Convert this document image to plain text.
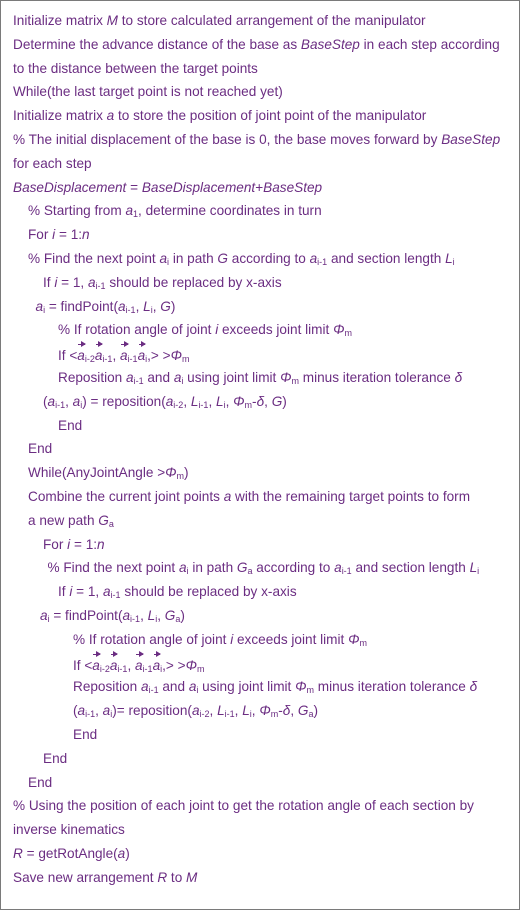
Initialize matrix M to store calculated arrangement of the manipulator
Determine the advance distance of the base as BaseStep in each step according
to the distance between the target points
While(the last target point is not reached yet)
Initialize matrix a to store the position of joint point of the manipulator
% The initial displacement of the base is 0, the base moves forward by BaseStep
for each step
BaseDisplacement = BaseDisplacement+BaseStep
% Starting from $a_1$, determine coordinates in turn
For i = 1:n
% Find the next point $a_i$ in path G according to $a_{i-1}$ and section length $L_i$
If i = 1, $a_{i-1}$ should be replaced by x-axis
$a_i$ = $findPoint(a_{i-1}$, $L_i$, G)
% If rotation angle of joint i exceeds joint limit $\Phi_m$
$If <a_{i-2}a_{i-1}$, $a_{i-1}a_i,> >\Phi_m$
Reposition $a_{i-1}$ and $a_i$ using joint limit $\Phi_m$ minus iteration tolerance δ
($a_{i-1}$, $a_i$) = $reposition(a_{i-2}$, $L_{i-1}$, $L_i$, $\Phi_m-\delta$, G)
End
End
While(AnyJointAngle $>\Phi_m$)
Combine the current joint points a with the remaining target points to form
a new path $G_a$
For i = 1:n
% Find the next point $a_i$ in path $G_a$ according to $a_{i-1}$ and section length $L_i$
If i = 1, $a_{i-1}$ should be replaced by x-axis
$a_i$ = $findPoint(a_{i-1}$, $L_i$, $G_a$)
% If rotation angle of joint i exceeds joint limit $\Phi_m$
$If <a_{i-2}a_{i-1}$, $a_{i-1}a_i,> >\Phi_m$
Reposition $a_{i-1}$ and $a_i$ using joint limit $\Phi_m$ minus iteration tolerance δ
($a_{i-1}$, $a_i)=$ $reposition(a_{i-2}$, $L_{i-1}$, $L_i$, $\Phi_m-\delta$, $G_a$)
End
End
End
% Using the position of each joint to get the rotation angle of each section by
inverse kinematics
R = getRotAngle(a)
Save new arrangement R to M
